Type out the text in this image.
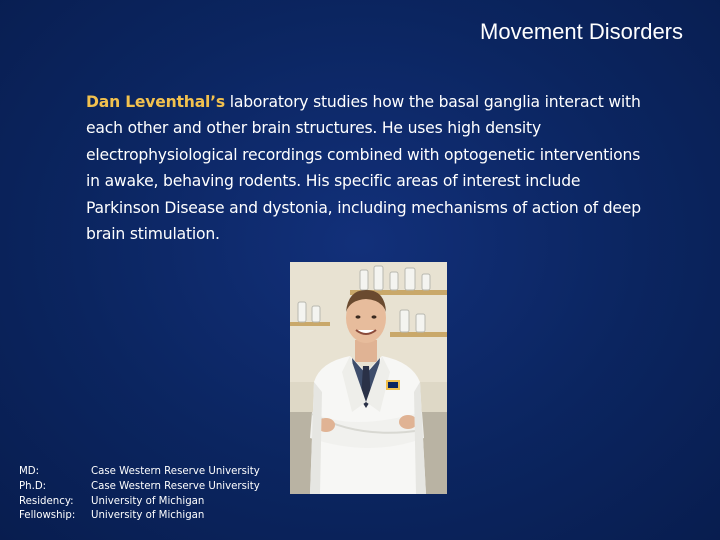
Movement Disorders
Dan Leventhal’s laboratory studies how the basal ganglia interact with each other and other brain structures. He uses high density electrophysiological recordings combined with optogenetic interventions in awake, behaving rodents. His specific areas of interest include Parkinson Disease and dystonia, including mechanisms of action of deep brain stimulation.
MD:	Case Western Reserve University
Ph.D:	Case Western Reserve University
Residency:	University of Michigan
Fellowship:	University of Michigan
